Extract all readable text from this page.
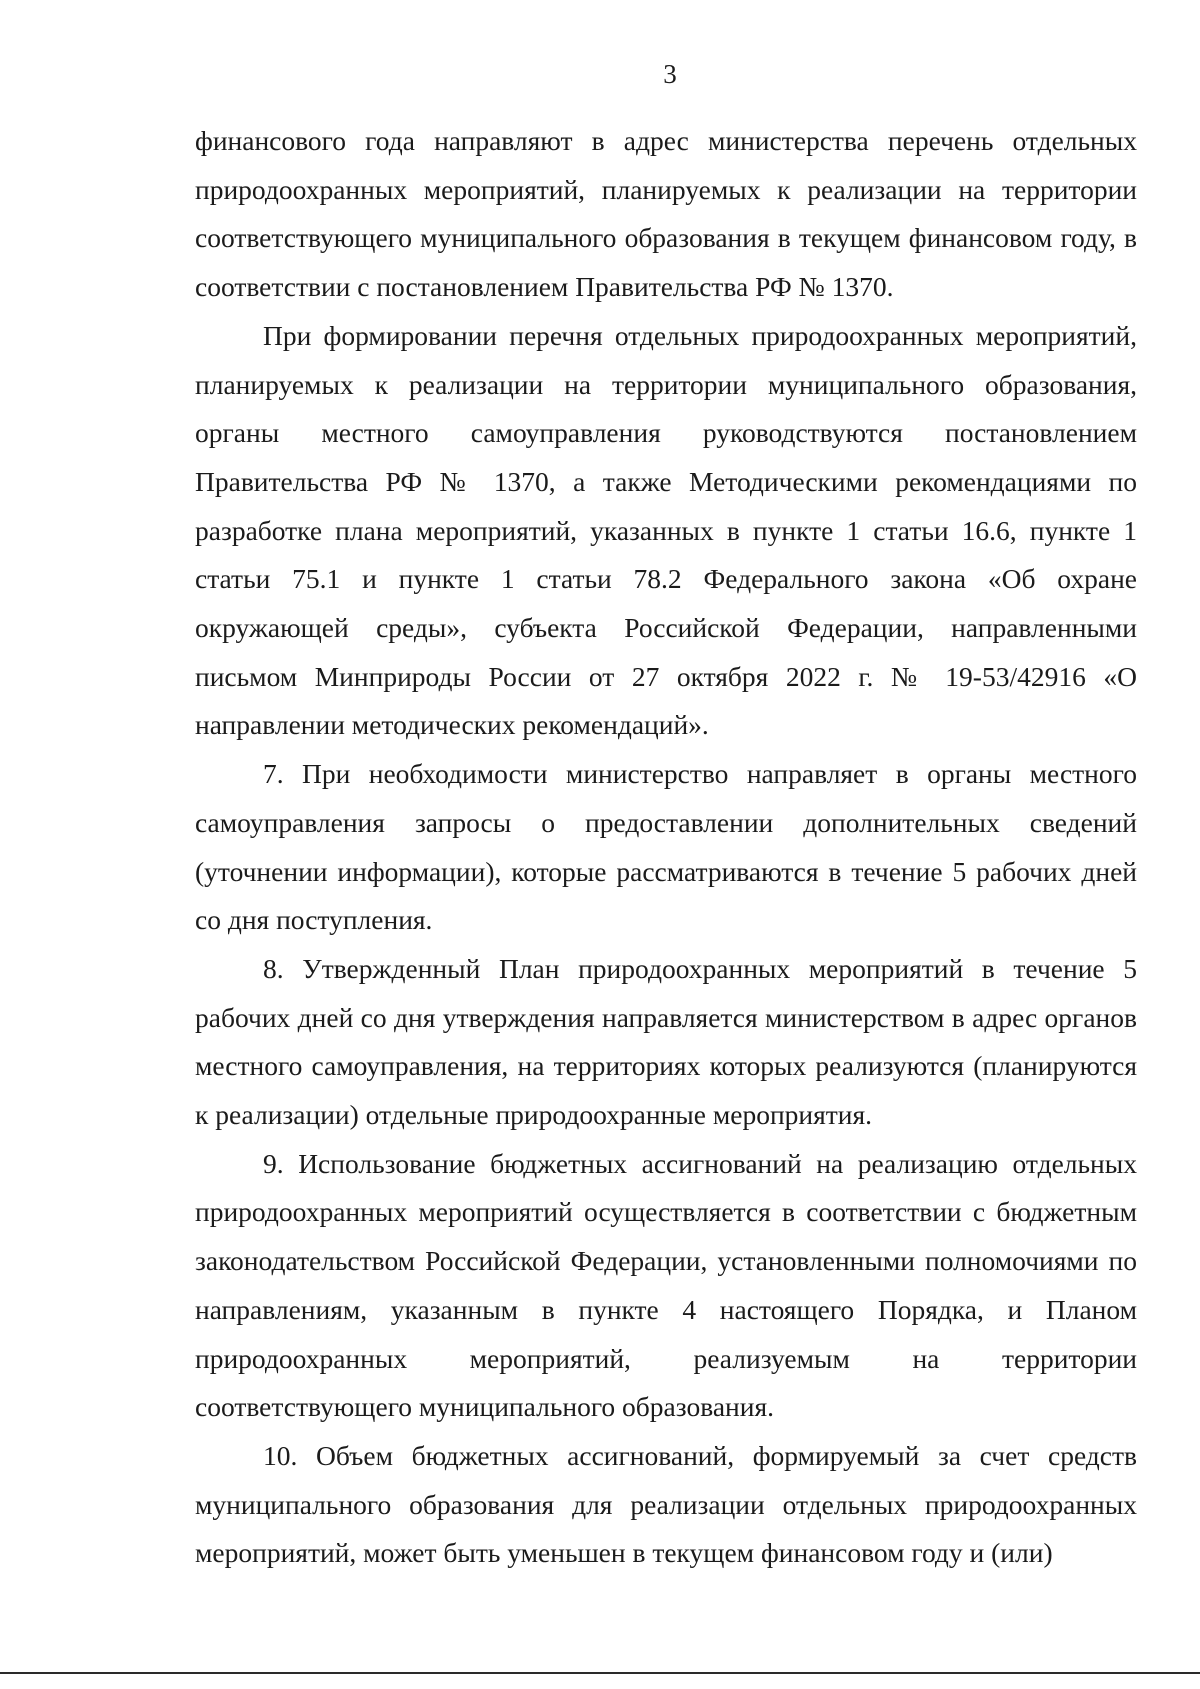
3

финансового года направляют в адрес министерства перечень отдельных природоохранных мероприятий, планируемых к реализации на территории соответствующего муниципального образования в текущем финансовом году, в соответствии с постановлением Правительства РФ № 1370.

При формировании перечня отдельных природоохранных мероприятий, планируемых к реализации на территории муниципального образования, органы местного самоуправления руководствуются постановлением Правительства РФ № 1370, а также Методическими рекомендациями по разработке плана мероприятий, указанных в пункте 1 статьи 16.6, пункте 1 статьи 75.1 и пункте 1 статьи 78.2 Федерального закона «Об охране окружающей среды», субъекта Российской Федерации, направленными письмом Минприроды России от 27 октября 2022 г. № 19-53/42916 «О направлении методических рекомендаций».

7. При необходимости министерство направляет в органы местного самоуправления запросы о предоставлении дополнительных сведений (уточнении информации), которые рассматриваются в течение 5 рабочих дней со дня поступления.

8. Утвержденный План природоохранных мероприятий в течение 5 рабочих дней со дня утверждения направляется министерством в адрес органов местного самоуправления, на территориях которых реализуются (планируются к реализации) отдельные природоохранные мероприятия.

9. Использование бюджетных ассигнований на реализацию отдельных природоохранных мероприятий осуществляется в соответствии с бюджетным законодательством Российской Федерации, установленными полномочиями по направлениям, указанным в пункте 4 настоящего Порядка, и Планом природоохранных мероприятий, реализуемым на территории соответствующего муниципального образования.

10. Объем бюджетных ассигнований, формируемый за счет средств муниципального образования для реализации отдельных природоохранных мероприятий, может быть уменьшен в текущем финансовом году и (или)
